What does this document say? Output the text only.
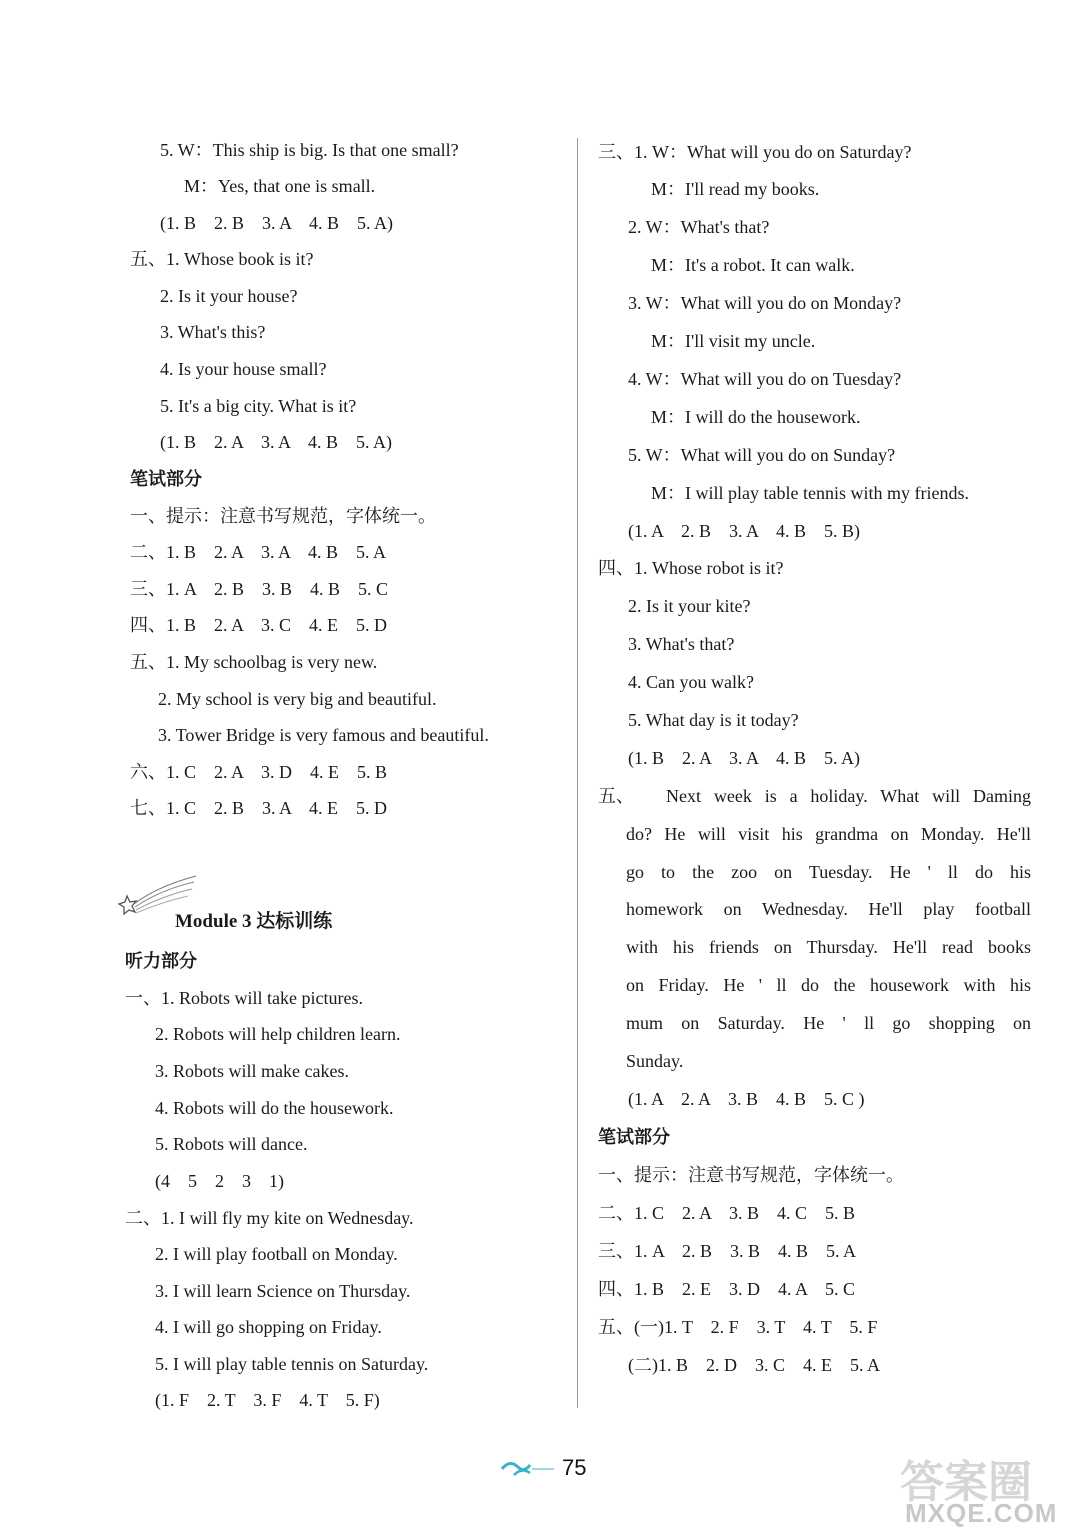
5. W：This ship is big. Is that one small?
M：Yes, that one is small.
(1. B　2. B　3. A　4. B　5. A)
五、1. Whose book is it?
2. Is it your house?
3. What's this?
4. Is your house small?
5. It's a big city. What is it?
(1. B　2. A　3. A　4. B　5. A)
笔试部分
一、提示：注意书写规范，字体统一。
二、1. B　2. A　3. A　4. B　5. A
三、1. A　2. B　3. B　4. B　5. C
四、1. B　2. A　3. C　4. E　5. D
五、1. My schoolbag is very new.
2. My school is very big and beautiful.
3. Tower Bridge is very famous and beautiful.
六、1. C　2. A　3. D　4. E　5. B
七、1. C　2. B　3. A　4. E　5. D
听力部分
一、1. Robots will take pictures.
2. Robots will help children learn.
3. Robots will make cakes.
4. Robots will do the housework.
5. Robots will dance.
(4　5　2　3　1)
二、1. I will fly my kite on Wednesday.
2. I will play football on Monday.
3. I will learn Science on Thursday.
4. I will go shopping on Friday.
5. I will play table tennis on Saturday.
(1. F　2. T　3. F　4. T　5. F)
Module 3 达标训练
三、1. W：What will you do on Saturday?
M：I'll read my books.
2. W：What's that?
M：It's a robot. It can walk.
3. W：What will you do on Monday?
M：I'll visit my uncle.
4. W：What will you do on Tuesday?
M：I will do the housework.
5. W：What will you do on Sunday?
M：I will play table tennis with my friends.
(1. A　2. B　3. A　4. B　5. B)
四、1. Whose robot is it?
2. Is it your kite?
3. What's that?
4. Can you walk?
5. What day is it today?
(1. B　2. A　3. A　4. B　5. A)
五、
(1. A　2. A　3. B　4. B　5. C )
笔试部分
一、提示：注意书写规范，字体统一。
二、1. C　2. A　3. B　4. C　5. B
三、1. A　2. B　3. B　4. B　5. A
四、1. B　2. E　3. D　4. A　5. C
五、(一)1. T　2. F　3. T　4. T　5. F
(二)1. B　2. D　3. C　4. E　5. A
Next week is a holiday. What will Daming
do? He will visit his grandma on Monday. He'll
go to the zoo on Tuesday. He ' ll do his
homework on Wednesday. He'll play football
with his friends on Thursday. He'll read books
on Friday. He ' ll do the housework with his
mum on Saturday. He ' ll go shopping on
Sunday.
75	答案圈
MXQE.COM
